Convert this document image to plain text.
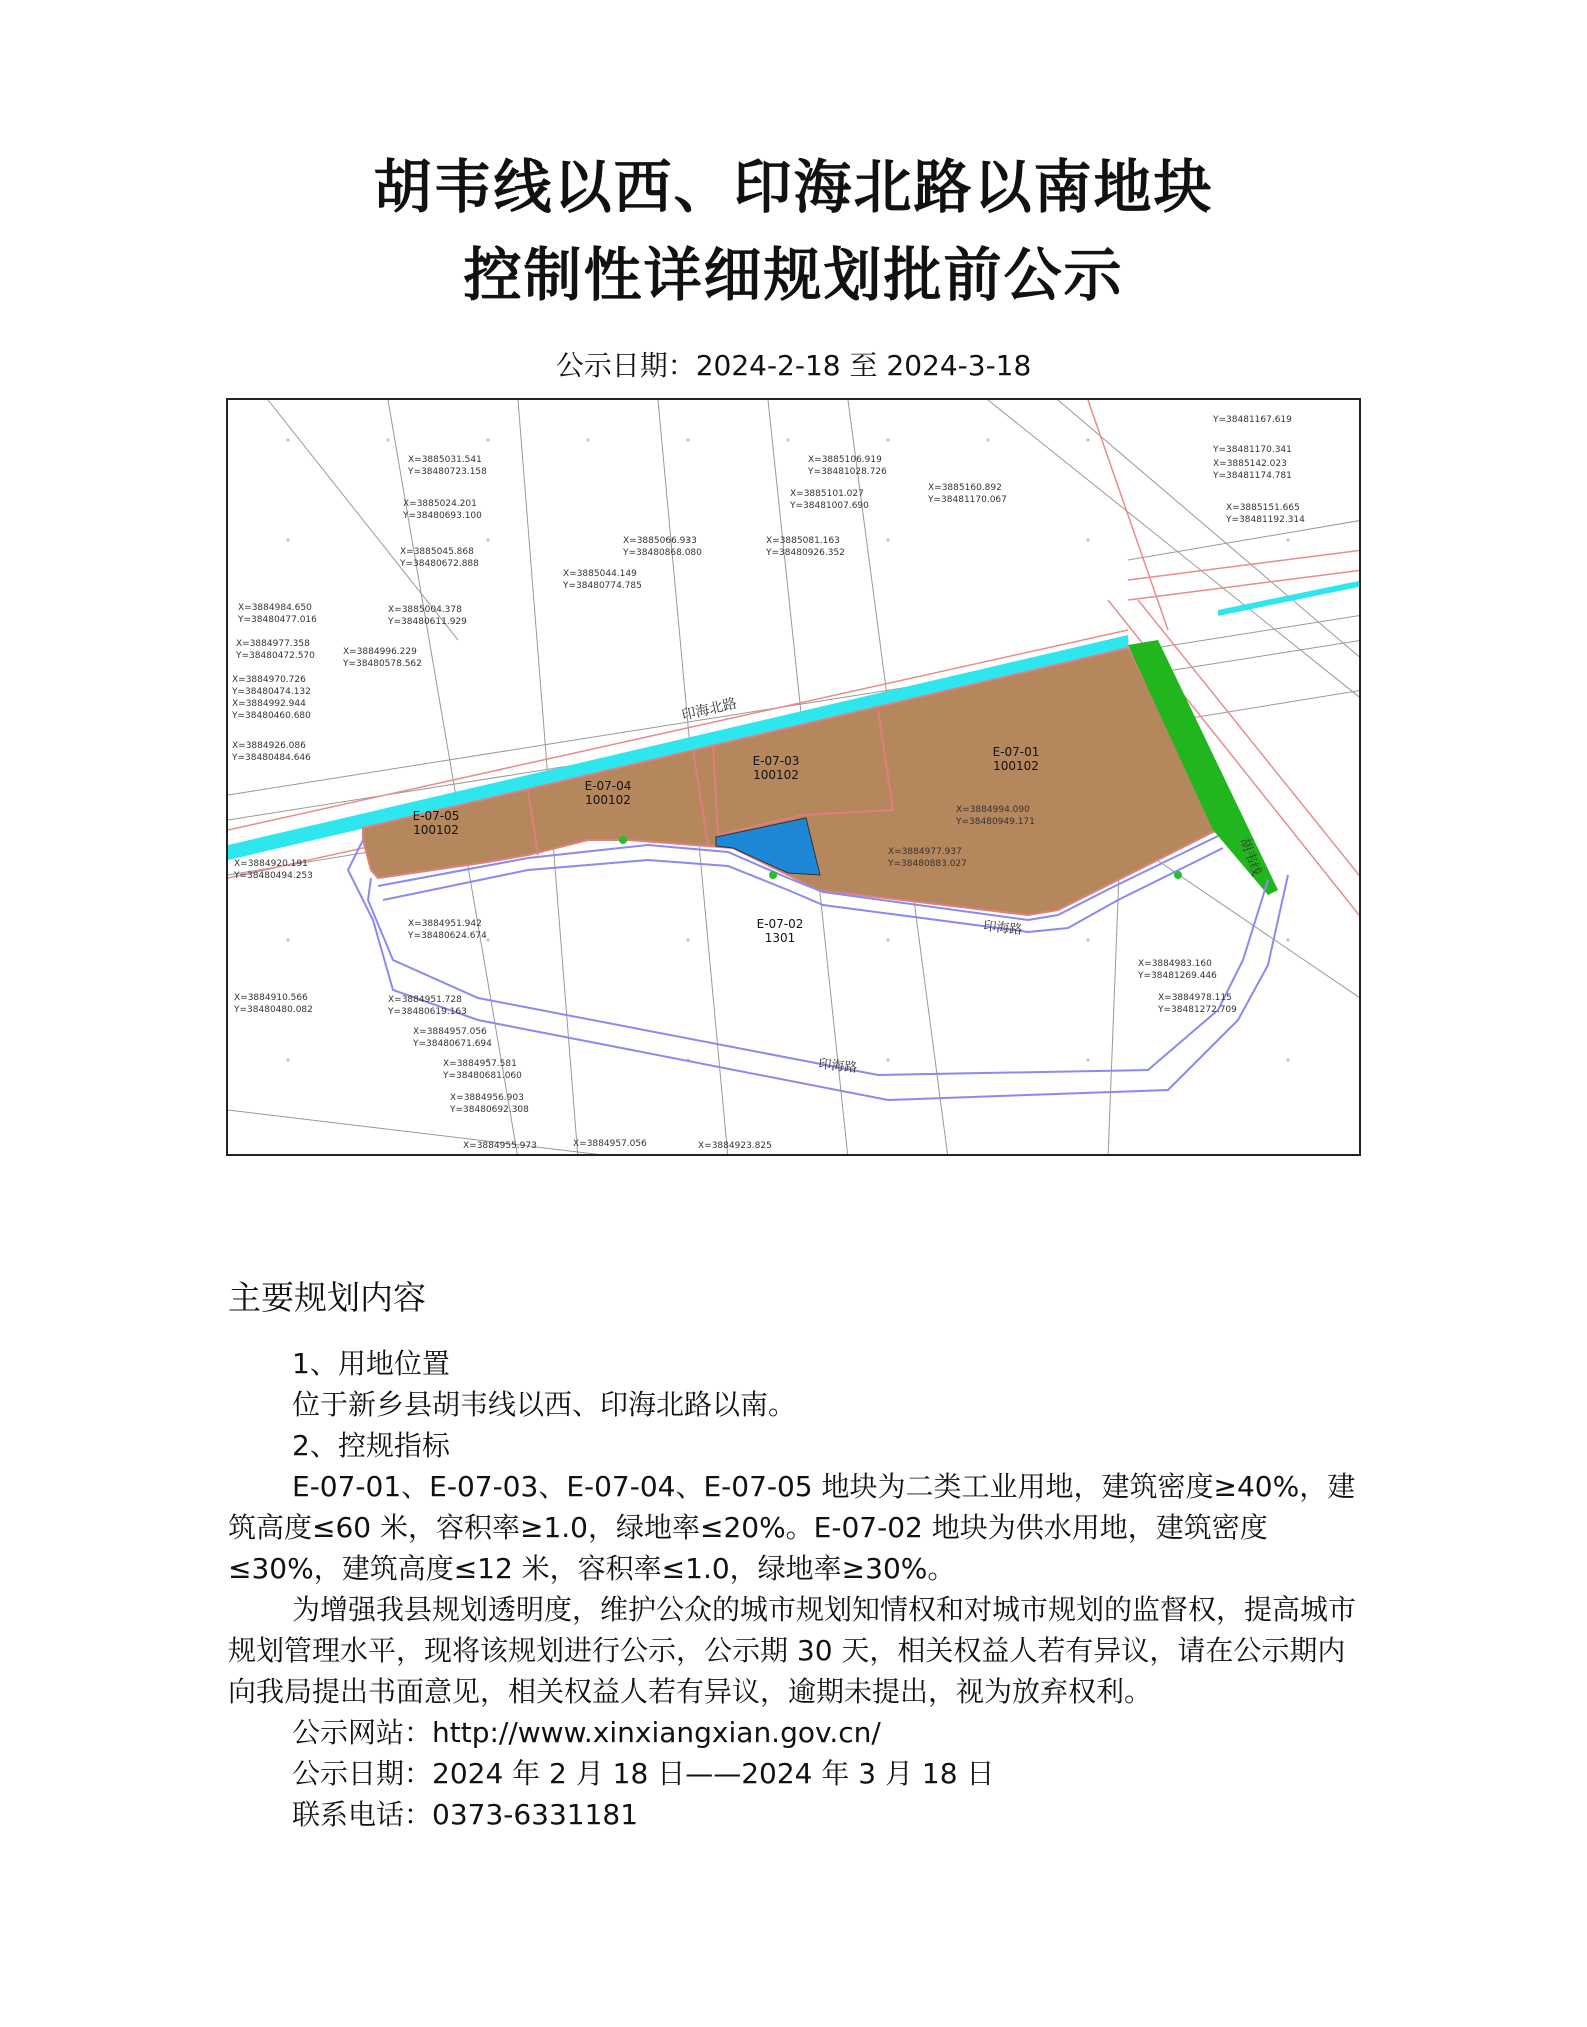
胡韦线以西、印海北路以南地块
控制性详细规划批前公示
公示日期：2024-2-18 至 2024-3-18
印海北路
印海路
印海路
胡韦线
E-07-05
100102
E-07-04
100102
E-07-03
100102
E-07-01
100102
E-07-02
1301
X=3885031.541
Y=38480723.158
X=3885106.919
Y=38481028.726
X=3885024.201
Y=38480693.100
X=3885101.027
Y=38481007.690
X=3885160.892
Y=38481170.067
X=3885045.868
Y=38480672.888
X=3885066.933
Y=38480868.080
X=3885081.163
Y=38480926.352
X=3885044.149
Y=38480774.785
X=3884984.650
Y=38480477.016
X=3885004.378
Y=38480611.929
X=3884977.358
Y=38480472.570	X=3884996.229
Y=38480578.562
X=3884970.726
Y=38480474.132
X=3884992.944
Y=38480460.680
X=3884926.086
Y=38480484.646
Y=38481167.619
Y=38481170.341
X=3885142.023
Y=38481174.781
X=3885151.665
Y=38481192.314
X=3884994.090
Y=38480949.171
X=3884977.937
Y=38480883.027
X=3884920.191
Y=38480494.253
X=3884951.942
Y=38480624.674
X=3884910.566
Y=38480480.082
X=3884951.728
Y=38480619.163
X=3884957.056
Y=38480671.694
X=3884957.581
Y=38480681.060
X=3884956.903
Y=38480692.308
X=3884955.973	X=3884957.056	X=3884923.825
X=3884983.160
Y=38481269.446
X=3884978.115
Y=38481272.709
主要规划内容

1、用地位置

位于新乡县胡韦线以西、印海北路以南。

2、控规指标

E-07-01、E-07-03、E-07-04、E-07-05 地块为二类工业用地，建筑密度≥40%，建筑高度≤60 米，容积率≥1.0，绿地率≤20%。E-07-02 地块为供水用地，建筑密度≤30%，建筑高度≤12 米，容积率≤1.0，绿地率≥30%。

为增强我县规划透明度，维护公众的城市规划知情权和对城市规划的监督权，提高城市规划管理水平，现将该规划进行公示，公示期 30 天，相关权益人若有异议，请在公示期内向我局提出书面意见，相关权益人若有异议，逾期未提出，视为放弃权利。

公示网站：http://www.xinxiangxian.gov.cn/

公示日期：2024 年 2 月 18 日——2024 年 3 月 18 日

联系电话：0373-6331181
